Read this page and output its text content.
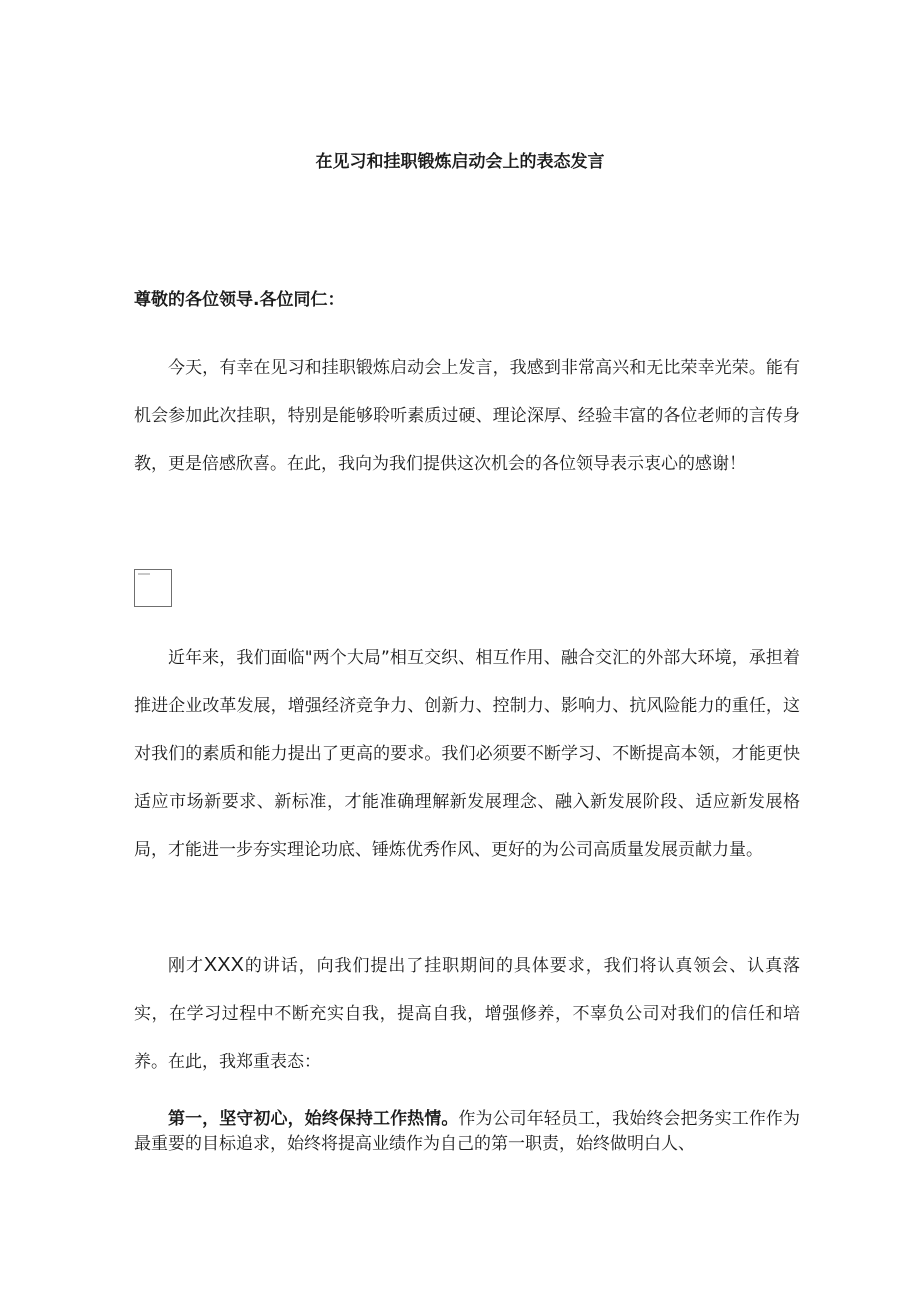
在见习和挂职锻炼启动会上的表态发言
尊敬的各位领导.各位同仁：

今天，有幸在见习和挂职锻炼启动会上发言，我感到非常高兴和无比荣幸光荣。能有机会参加此次挂职，特别是能够聆听素质过硬、理论深厚、经验丰富的各位老师的言传身教，更是倍感欣喜。在此，我向为我们提供这次机会的各位领导表示衷心的感谢！

近年来，我们面临"两个大局”相互交织、相互作用、融合交汇的外部大环境，承担着推进企业改革发展，增强经济竞争力、创新力、控制力、影响力、抗风险能力的重任，这对我们的素质和能力提出了更高的要求。我们必须要不断学习、不断提高本领，才能更快适应市场新要求、新标准，才能准确理解新发展理念、融入新发展阶段、适应新发展格局，才能进一步夯实理论功底、锤炼优秀作风、更好的为公司高质量发展贡献力量。

刚才XXX的讲话，向我们提出了挂职期间的具体要求，我们将认真领会、认真落实，在学习过程中不断充实自我，提高自我，增强修养，不辜负公司对我们的信任和培养。在此，我郑重表态：

第一，坚守初心，始终保持工作热情。作为公司年轻员工，我始终会把务实工作作为最重要的目标追求，始终将提高业绩作为自己的第一职责，始终做明白人、
